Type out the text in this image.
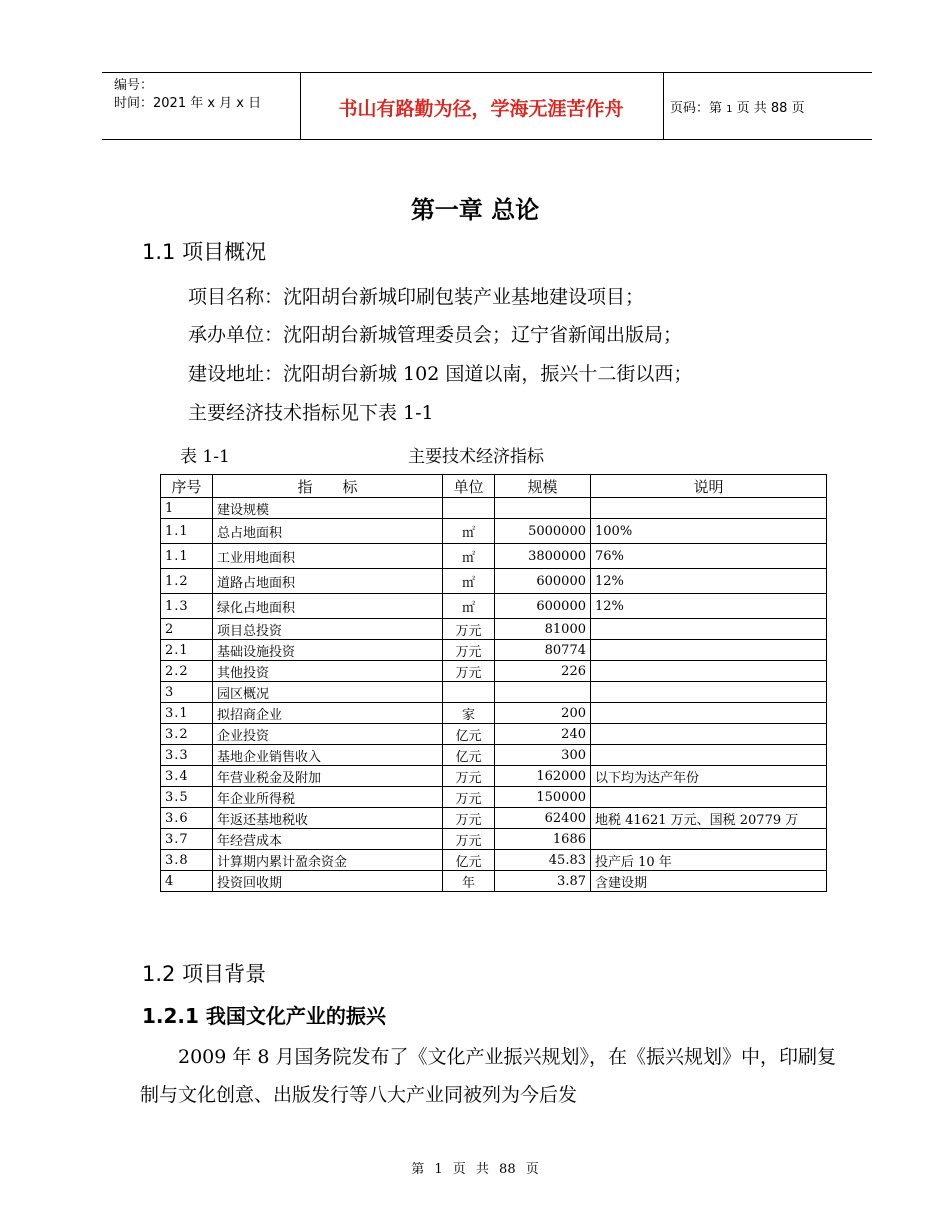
编号：
时间：2021 年 x 月 x 日	书山有路勤为径，学海无涯苦作舟	页码：第 1 页 共 88 页
第一章 总论
1.1 项目概况
项目名称：沈阳胡台新城印刷包装产业基地建设项目；
承办单位：沈阳胡台新城管理委员会；辽宁省新闻出版局；
建设地址：沈阳胡台新城 102 国道以南，振兴十二街以西；
主要经济技术指标见下表 1-1
表 1-1	主要技术经济指标
序号	指　　标	单位	规模	说明
1	建设规模			
1.1	总占地面积	㎡	5000000	100%
1.1	工业用地面积	㎡	3800000	76%
1.2	道路占地面积	㎡	600000	12%
1.3	绿化占地面积	㎡	600000	12%
2	项目总投资	万元	81000	
2.1	基础设施投资	万元	80774	
2.2	其他投资	万元	226	
3	园区概况			
3.1	拟招商企业	家	200	
3.2	企业投资	亿元	240	
3.3	基地企业销售收入	亿元	300	
3.4	年营业税金及附加	万元	162000	以下均为达产年份
3.5	年企业所得税	万元	150000	
3.6	年返还基地税收	万元	62400	地税 41621 万元、国税 20779 万
3.7	年经营成本	万元	1686	
3.8	计算期内累计盈余资金	亿元	45.83	投产后 10 年
4	投资回收期	年	3.87	含建设期
1.2 项目背景
1.2.1 我国文化产业的振兴

　　2009 年 8 月国务院发布了《文化产业振兴规划》，在《振兴规划》中，印刷复制与文化创意、出版发行等八大产业同被列为今后发

第 1 页 共 88 页
